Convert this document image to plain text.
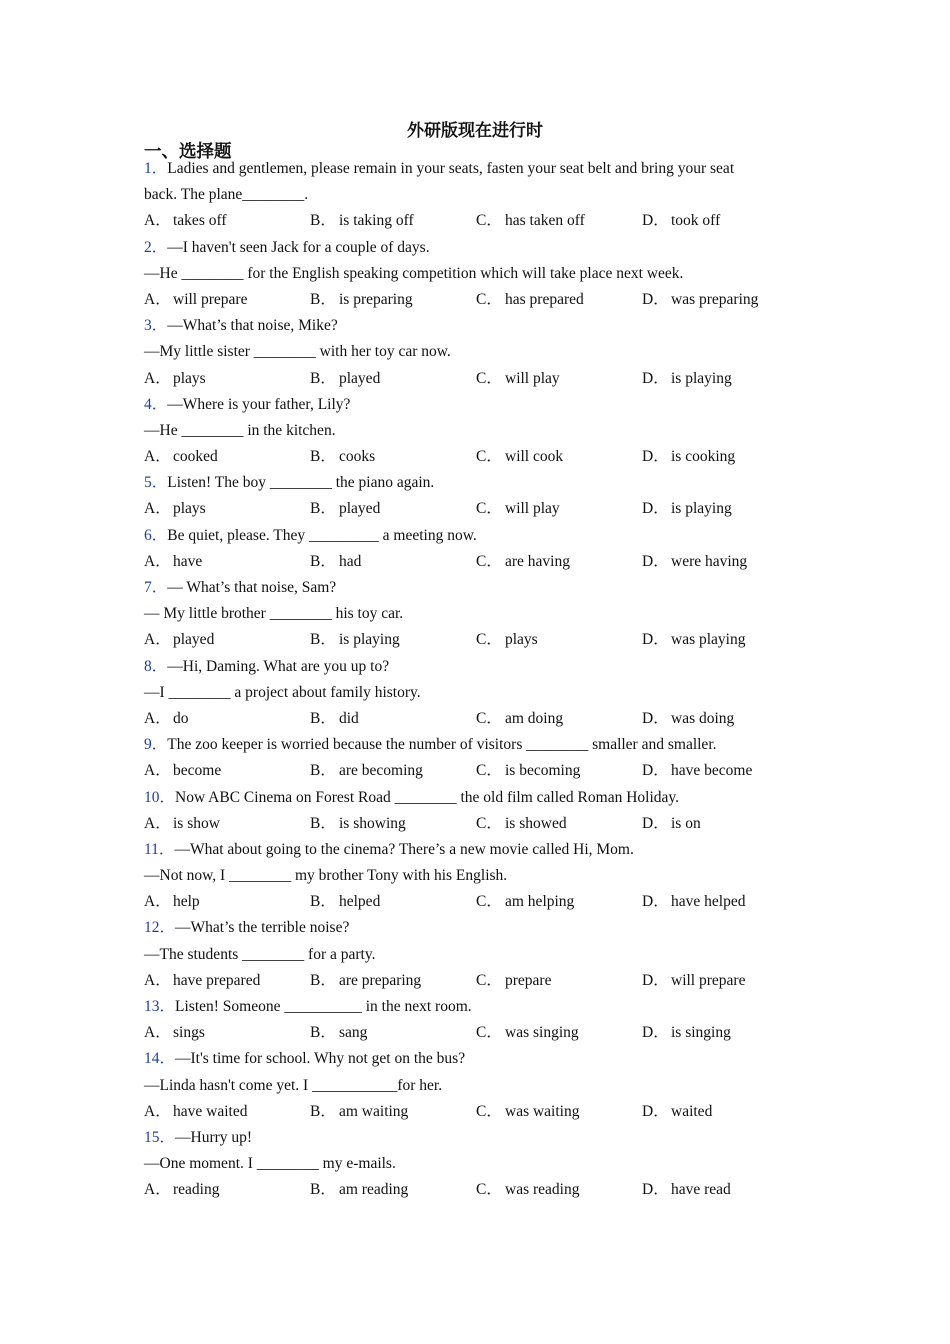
外研版现在进行时
一、选择题
1．Ladies and gentlemen, please remain in your seats, fasten your seat belt and bring your seat
back. The plane________.
A． takes off	B． is taking off	C． has taken off	D． took off
2．—I haven't seen Jack for a couple of days.
—He ________ for the English speaking competition which will take place next week.
A． will prepare	B． is preparing	C． has prepared	D． was preparing
3．—What’s that noise, Mike?
—My little sister ________ with her toy car now.
A． plays	B． played	C． will play	D． is playing
4．—Where is your father, Lily?
—He ________ in the kitchen.
A． cooked	B． cooks	C． will cook	D． is cooking
5．Listen! The boy ________ the piano again.
A． plays	B． played	C． will play	D． is playing
6．Be quiet, please. They _________ a meeting now.
A． have	B． had	C． are having	D． were having
7．— What’s that noise, Sam?
— My little brother ________ his toy car.
A． played	B． is playing	C． plays	D． was playing
8．—Hi, Daming. What are you up to?
—I ________ a project about family history.
A． do	B． did	C． am doing	D． was doing
9．The zoo keeper is worried because the number of visitors ________ smaller and smaller.
A． become	B． are becoming	C． is becoming	D． have become
10．Now ABC Cinema on Forest Road ________ the old film called Roman Holiday.
A． is show	B． is showing	C． is showed	D． is on
11．—What about going to the cinema? There’s a new movie called Hi, Mom.
—Not now, I ________ my brother Tony with his English.
A． help	B． helped	C． am helping	D． have helped
12．—What’s the terrible noise?
—The students ________ for a party.
A． have prepared	B． are preparing	C． prepare	D． will prepare
13．Listen! Someone __________ in the next room.
A． sings	B． sang	C． was singing	D． is singing
14．—It's time for school. Why not get on the bus?
—Linda hasn't come yet. I ___________for her.
A． have waited	B． am waiting	C． was waiting	D． waited
15．—Hurry up!
—One moment. I ________ my e-mails.
A． reading	B． am reading	C． was reading	D． have read
